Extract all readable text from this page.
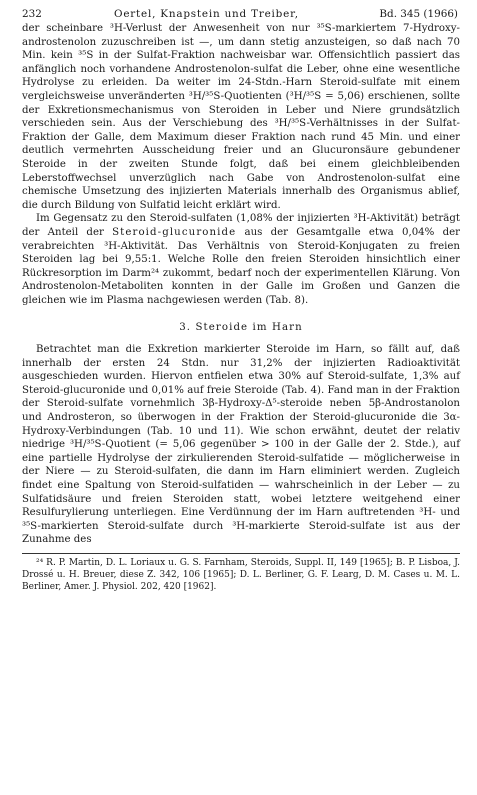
232	Oertel, Knapstein und Treiber,	Bd. 345 (1966)

der scheinbare ³H-Verlust der Anwesenheit von nur ³⁵S-markiertem 7-Hydroxy-androstenolon zuzuschreiben ist —, um dann stetig anzusteigen, so daß nach 70 Min. kein ³⁵S in der Sulfat-Fraktion nachweisbar war. Offensichtlich passiert das anfänglich noch vorhandene Androstenolon-sulfat die Leber, ohne eine wesentliche Hydrolyse zu erleiden. Da weiter im 24-Stdn.-Harn Steroid-sulfate mit einem vergleichsweise unveränderten ³H/³⁵S-Quotienten (³H/³⁵S = 5,06) erschienen, sollte der Exkretionsmechanismus von Steroiden in Leber und Niere grundsätzlich verschieden sein. Aus der Verschiebung des ³H/³⁵S-Verhältnisses in der Sulfat-Fraktion der Galle, dem Maximum dieser Fraktion nach rund 45 Min. und einer deutlich vermehrten Ausscheidung freier und an Glucuronsäure gebundener Steroide in der zweiten Stunde folgt, daß bei einem gleichbleibenden Leberstoffwechsel unverzüglich nach Gabe von Androstenolon-sulfat eine chemische Umsetzung des injizierten Materials innerhalb des Organismus ablief, die durch Bildung von Sulfatid leicht erklärt wird.

Im Gegensatz zu den Steroid-sulfaten (1,08% der injizierten ³H-Aktivität) beträgt der Anteil der Steroid-glucuronide aus der Gesamtgalle etwa 0,04% der verabreichten ³H-Aktivität. Das Verhältnis von Steroid-Konjugaten zu freien Steroiden lag bei 9,55:1. Welche Rolle den freien Steroiden hinsichtlich einer Rückresorption im Darm²⁴ zukommt, bedarf noch der experimentellen Klärung. Von Androstenolon-Metaboliten konnten in der Galle im Großen und Ganzen die gleichen wie im Plasma nachgewiesen werden (Tab. 8).

3. Steroide im Harn

Betrachtet man die Exkretion markierter Steroide im Harn, so fällt auf, daß innerhalb der ersten 24 Stdn. nur 31,2% der injizierten Radioaktivität ausgeschieden wurden. Hiervon entfielen etwa 30% auf Steroid-sulfate, 1,3% auf Steroid-glucuronide und 0,01% auf freie Steroide (Tab. 4). Fand man in der Fraktion der Steroid-sulfate vornehmlich 3β-Hydroxy-Δ⁵-steroide neben 5β-Androstanolon und Androsteron, so überwogen in der Fraktion der Steroid-glucuronide die 3α-Hydroxy-Verbindungen (Tab. 10 und 11). Wie schon erwähnt, deutet der relativ niedrige ³H/³⁵S-Quotient (= 5,06 gegenüber > 100 in der Galle der 2. Stde.), auf eine partielle Hydrolyse der zirkulierenden Steroid-sulfatide — möglicherweise in der Niere — zu Steroid-sulfaten, die dann im Harn eliminiert werden. Zugleich findet eine Spaltung von Steroid-sulfatiden — wahrscheinlich in der Leber — zu Sulfatidsäure und freien Steroiden statt, wobei letztere weitgehend einer Resulfurylierung unterliegen. Eine Verdünnung der im Harn auftretenden ³H- und ³⁵S-markierten Steroid-sulfate durch ³H-markierte Steroid-sulfate ist aus der Zunahme des

²⁴ R. P. Martin, D. L. Loriaux u. G. S. Farnham, Steroids, Suppl. II, 149 [1965]; B. P. Lisboa, J. Drossé u. H. Breuer, diese Z. 342, 106 [1965]; D. L. Berliner, G. F. Learg, D. M. Cases u. M. L. Berliner, Amer. J. Physiol. 202, 420 [1962].
